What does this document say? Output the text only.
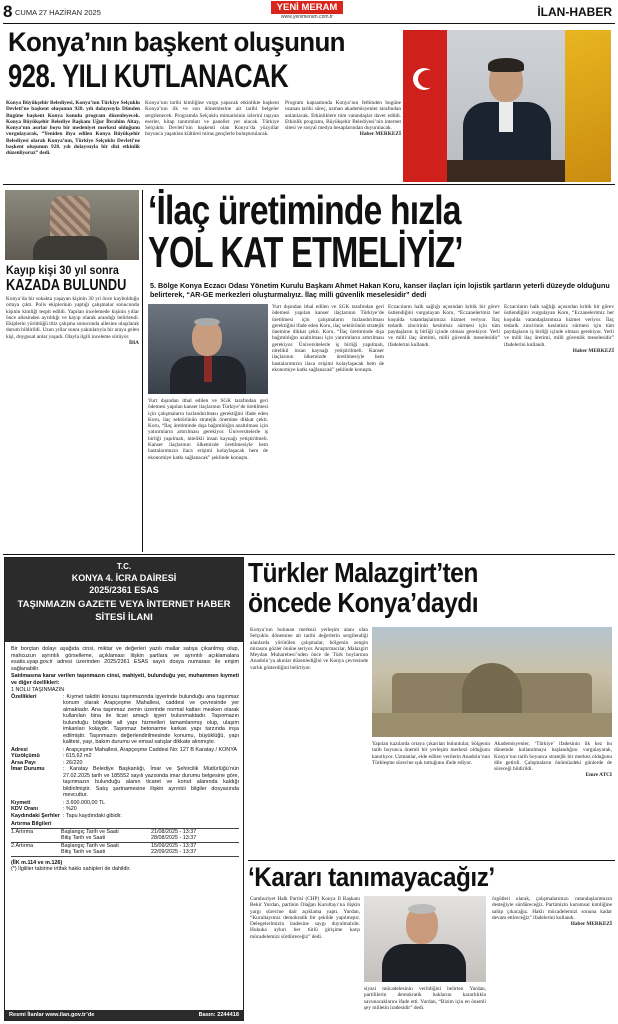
8 CUMA 27 HAZİRAN 2025	YENİ MERAM
www.yenimeram.com.tr	İLAN-HABER
Konya’nın başkent oluşunun
928. YILI KUTLANACAK
Konya Büyükşehir Belediyesi, Konya’nın Türkiye Selçuklu Devleti’ne başkent oluşunun 928. yılı dolayısıyla Dünden Bugüne başkent Konya konulu program düzenleyecek. Konya Büyükşehir Belediye Başkanı Uğur İbrahim Altay, Konya’nın asırlar boyu bir medeniyet merkezi olduğunu vurgulayarak, “Yeniden ihya edilen Konya Büyükşehir Belediyesi olarak Konya’nın, Türkiye Selçuklu Devleti’ne başkent oluşunun 928. yılı dolayısıyla bir dizi etkinlik düzenliyoruz” dedi.
Konya’nın tarihi kimliğine vurgu yapacak etkinlikte başkent Konya’nın ilk ve son dönemlerine ait tarihi belgeler sergilenecek. Programda Selçuklu mimarisinin izlerini taşıyan eserler, kitap tanıtımları ve paneller yer alacak. Türkiye Selçuklu Devleti’nin başkenti olan Konya’da yüzyıllar boyunca yaşatılan kültürel miras gençlerle buluşturulacak.
Program kapsamında Konya’nın fethinden bugüne uzanan tarihi süreç, uzman akademisyenler tarafından anlatılacak. Etkinliklere tüm vatandaşlar davet edildi. Etkinlik programı, Büyükşehir Belediyesi’nin internet sitesi ve sosyal medya hesaplarından duyurulacak.
Haber MERKEZİ
Kayıp kişi 30 yıl sonra
KAZADA BULUNDU
Konya’da bir sokakta yaşayan kişinin 30 yıl önce kaybolduğu ortaya çıktı. Polis ekiplerinin yaptığı çalışmalar sonucunda kişinin kimliği tespit edildi. Yapılan incelemede kişinin yıllar önce ailesinden ayrıldığı ve kayıp olarak arandığı belirlendi. Ekiplerin yürüttüğü titiz çalışma sonucunda ailesine ulaşılarak durum bildirildi. Uzun yıllar sonra yakınlarıyla bir araya gelen kişi, duygusal anlar yaşadı. Olayla ilgili inceleme sürüyor.
İHA
‘İlaç üretiminde hızla
YOL KAT ETMELİYİZ’
5. Bölge Konya Eczacı Odası Yönetim Kurulu Başkanı Ahmet Hakan Koru, kanser ilaçları için lojistik şartların yeterli düzeyde olduğunu belirterek, “AR-GE merkezleri oluşturmalıyız. İlaç milli güvenlik meselesidir” dedi
Yurt dışından ithal edilen ve SGK tarafından geri ödemesi yapılan kanser ilaçlarının Türkiye’de üretilmesi için çalışmaların hızlandırılması gerektiğini ifade eden Koru, ilaç sektörünün stratejik önemine dikkat çekti. Koru, “İlaç üretiminde dışa bağımlılığın azaltılması için yatırımların artırılması gerekiyor. Üniversitelerle iş birliği yapılmalı, nitelikli insan kaynağı yetiştirilmeli. Kanser ilaçlarının ülkemizde üretilmesiyle hem hastalarımızın ilaca erişimi kolaylaşacak hem de ekonomiye katkı sağlanacak” şeklinde konuştu.
Yurt dışından ithal edilen ve SGK tarafından geri ödemesi yapılan kanser ilaçlarının Türkiye’de üretilmesi için çalışmaların hızlandırılması gerektiğini ifade eden Koru, ilaç sektörünün stratejik önemine dikkat çekti. Koru, “İlaç üretiminde dışa bağımlılığın azaltılması için yatırımların artırılması gerekiyor. Üniversitelerle iş birliği yapılmalı, nitelikli insan kaynağı yetiştirilmeli. Kanser ilaçlarının ülkemizde üretilmesiyle hem hastalarımızın ilaca erişimi kolaylaşacak hem de ekonomiye katkı sağlanacak” şeklinde konuştu.
Eczacıların halk sağlığı açısından kritik bir görev üstlendiğini vurgulayan Koru, “Eczanelerimiz her koşulda vatandaşlarımıza hizmet veriyor. İlaç tedarik zincirinin kesintisiz sürmesi için tüm paydaşların iş birliği içinde olması gerekiyor. Yerli ve milli ilaç üretimi, milli güvenlik meselesidir” ifadelerini kullandı.
Eczacıların halk sağlığı açısından kritik bir görev üstlendiğini vurgulayan Koru, “Eczanelerimiz her koşulda vatandaşlarımıza hizmet veriyor. İlaç tedarik zincirinin kesintisiz sürmesi için tüm paydaşların iş birliği içinde olması gerekiyor. Yerli ve milli ilaç üretimi, milli güvenlik meselesidir” ifadelerini kullandı.
Haber MERKEZİ
T.C.
KONYA 4. İCRA DAİRESİ
2025/2361 ESAS
TAŞINMAZIN GAZETE VEYA İNTERNET HABER
SİTESİ İLANI
Bir borçtan dolayı aşağıda cinsi, miktar ve değerleri yazılı mallar satışa çıkarılmış olup, mahcuzun ayrıntılı görselleme, açıklaması ilişkin şartlara ve ayrıntılı açıklamalara esatis.uyap.gov.tr adresi üzerinden 2025/2361 ESAS sayılı dosya numarası ile erişim sağlanabilir.
Satılmasına karar verilen taşınmazın cinsi, mahiyeti, bulunduğu yer, muhammen kıymeti ve diğer özellikleri:
1 NOLU TAŞINMAZIN
Özellikleri	: Kıymet takdiri konusu taşınmazında işyerinde bulunduğu ana taşınmaz konum olarak Arapçeşme Mahallesi, caddesi ve çevresinde yer almaktadır. Ana taşınmaz zemin üzerinde normal katları mesken olarak kullanılan bina ile ticari amaçlı işyeri bulunmaktadır. Taşınmazın bulunduğu bölgede alt yapı hizmetleri tamamlanmış olup, ulaşım imkanları kolaydır. Taşınmaz betonarme karkas yapı tarzında inşa edilmiştir. Taşınmazın değerlendirilmesinde konumu, büyüklüğü, yapı kalitesi, yaşı, bakım durumu ve emsal satışlar dikkate alınmıştır.
Adresi	: Arapçeşme Mahallesi, Arapçeşme Caddesi No: 127 B Karatay / KONYA
Yüzölçümü	: 615,62 m2
Arsa Payı	: 26/220
İmar Durumu	: Karatay Belediye Başkanlığı, İmar ve Şehircilik Müdürlüğü’nün 27.02.2025 tarih ve 185552 sayılı yazısında imar durumu belgesine göre, taşınmazın bulunduğu alanın ticaret ve konut alanında kaldığı bildirilmiştir. Satış şartnamesine ilişkin ayrıntılı bilgiler dosyasında mevcuttur.
Kıymeti	: 3.600.000,00 TL
KDV Oranı	: %20
Kaydındaki Şerhler : Tapu kaydındaki gibidir.
Artırma Bilgileri
1.Artırma	Başlangıç Tarih ve Saati	21/08/2025 - 13:37
Bitiş Tarih ve Saati	28/08/2025 - 13:37
2.Artırma	Başlangıç Tarih ve Saati	15/09/2025 - 13:37
Bitiş Tarih ve Saati	22/09/2025 - 13:37
(İİK m.114 ve m.126)
(*) İlgililer tabirine irtifak hakkı sahipleri de dahildir.
Resmi İlanlar www.ilan.gov.tr’de	Basın: 2244418
Türkler Malazgirt’ten
öncede Konya’daydı
Konya’nın bulunan merkezi yerleşim alanı olan Selçuklu dönemine ait tarihi değerlerin sergilendiği alanlarda yürütülen çalışmalar, bölgenin zengin mirasını gözler önüne seriyor. Araştırmacılar, Malazgirt Meydan Muharebesi’nden önce de Türk boylarının Anadolu’ya akınlar düzenlediğini ve Konya çevresinde varlık gösterdiğini belirtiyor.
Yapılan kazılarda ortaya çıkarılan buluntular, bölgenin tarih boyunca önemli bir yerleşim merkezi olduğunu kanıtlıyor. Uzmanlar, elde edilen verilerin Anadolu’nun Türkleşme sürecine ışık tuttuğunu ifade ediyor.
Akademisyenler, ‘Türkiye’ ifadesinin ilk kez bu dönemde kullanılmaya başlandığını vurgulayarak, Konya’nın tarih boyunca stratejik bir merkez olduğunu dile getirdi. Çalışmaların önümüzdeki günlerde de süreceği bildirildi.
Emre ATCI
‘Kararı tanımayacağız’
Cumhuriyet Halk Partisi (CHP) Konya İl Başkanı Bekir Yurdan, partinin Olağan Kurultayı’na ilişkin yargı sürecine dair açıklama yaptı. Yurdan, “Kurultayımız demokratik bir şekilde yapılmıştır. Delegelerimizin iradesine saygı duyulmalıdır. Hukuka aykırı her türlü girişime karşı mücadelemizi sürdüreceğiz” dedi.
siyasi mücadelesinin verildiğini belirten Yurdan, partililerin demokratik haklarını kararlılıkla savunacaklarını ifade etti. Yurdan, “Bizim için en önemli şey milletin iradesidir” dedi.
örgütleri olarak, çalışmalarımızı vatandaşlarımızın desteğiyle sürdüreceğiz. Partimizin kurumsal kimliğine sahip çıkacağız. Haklı mücadelemizi sonuna kadar devam ettireceğiz” ifadelerini kullandı.
Haber MERKEZİ
